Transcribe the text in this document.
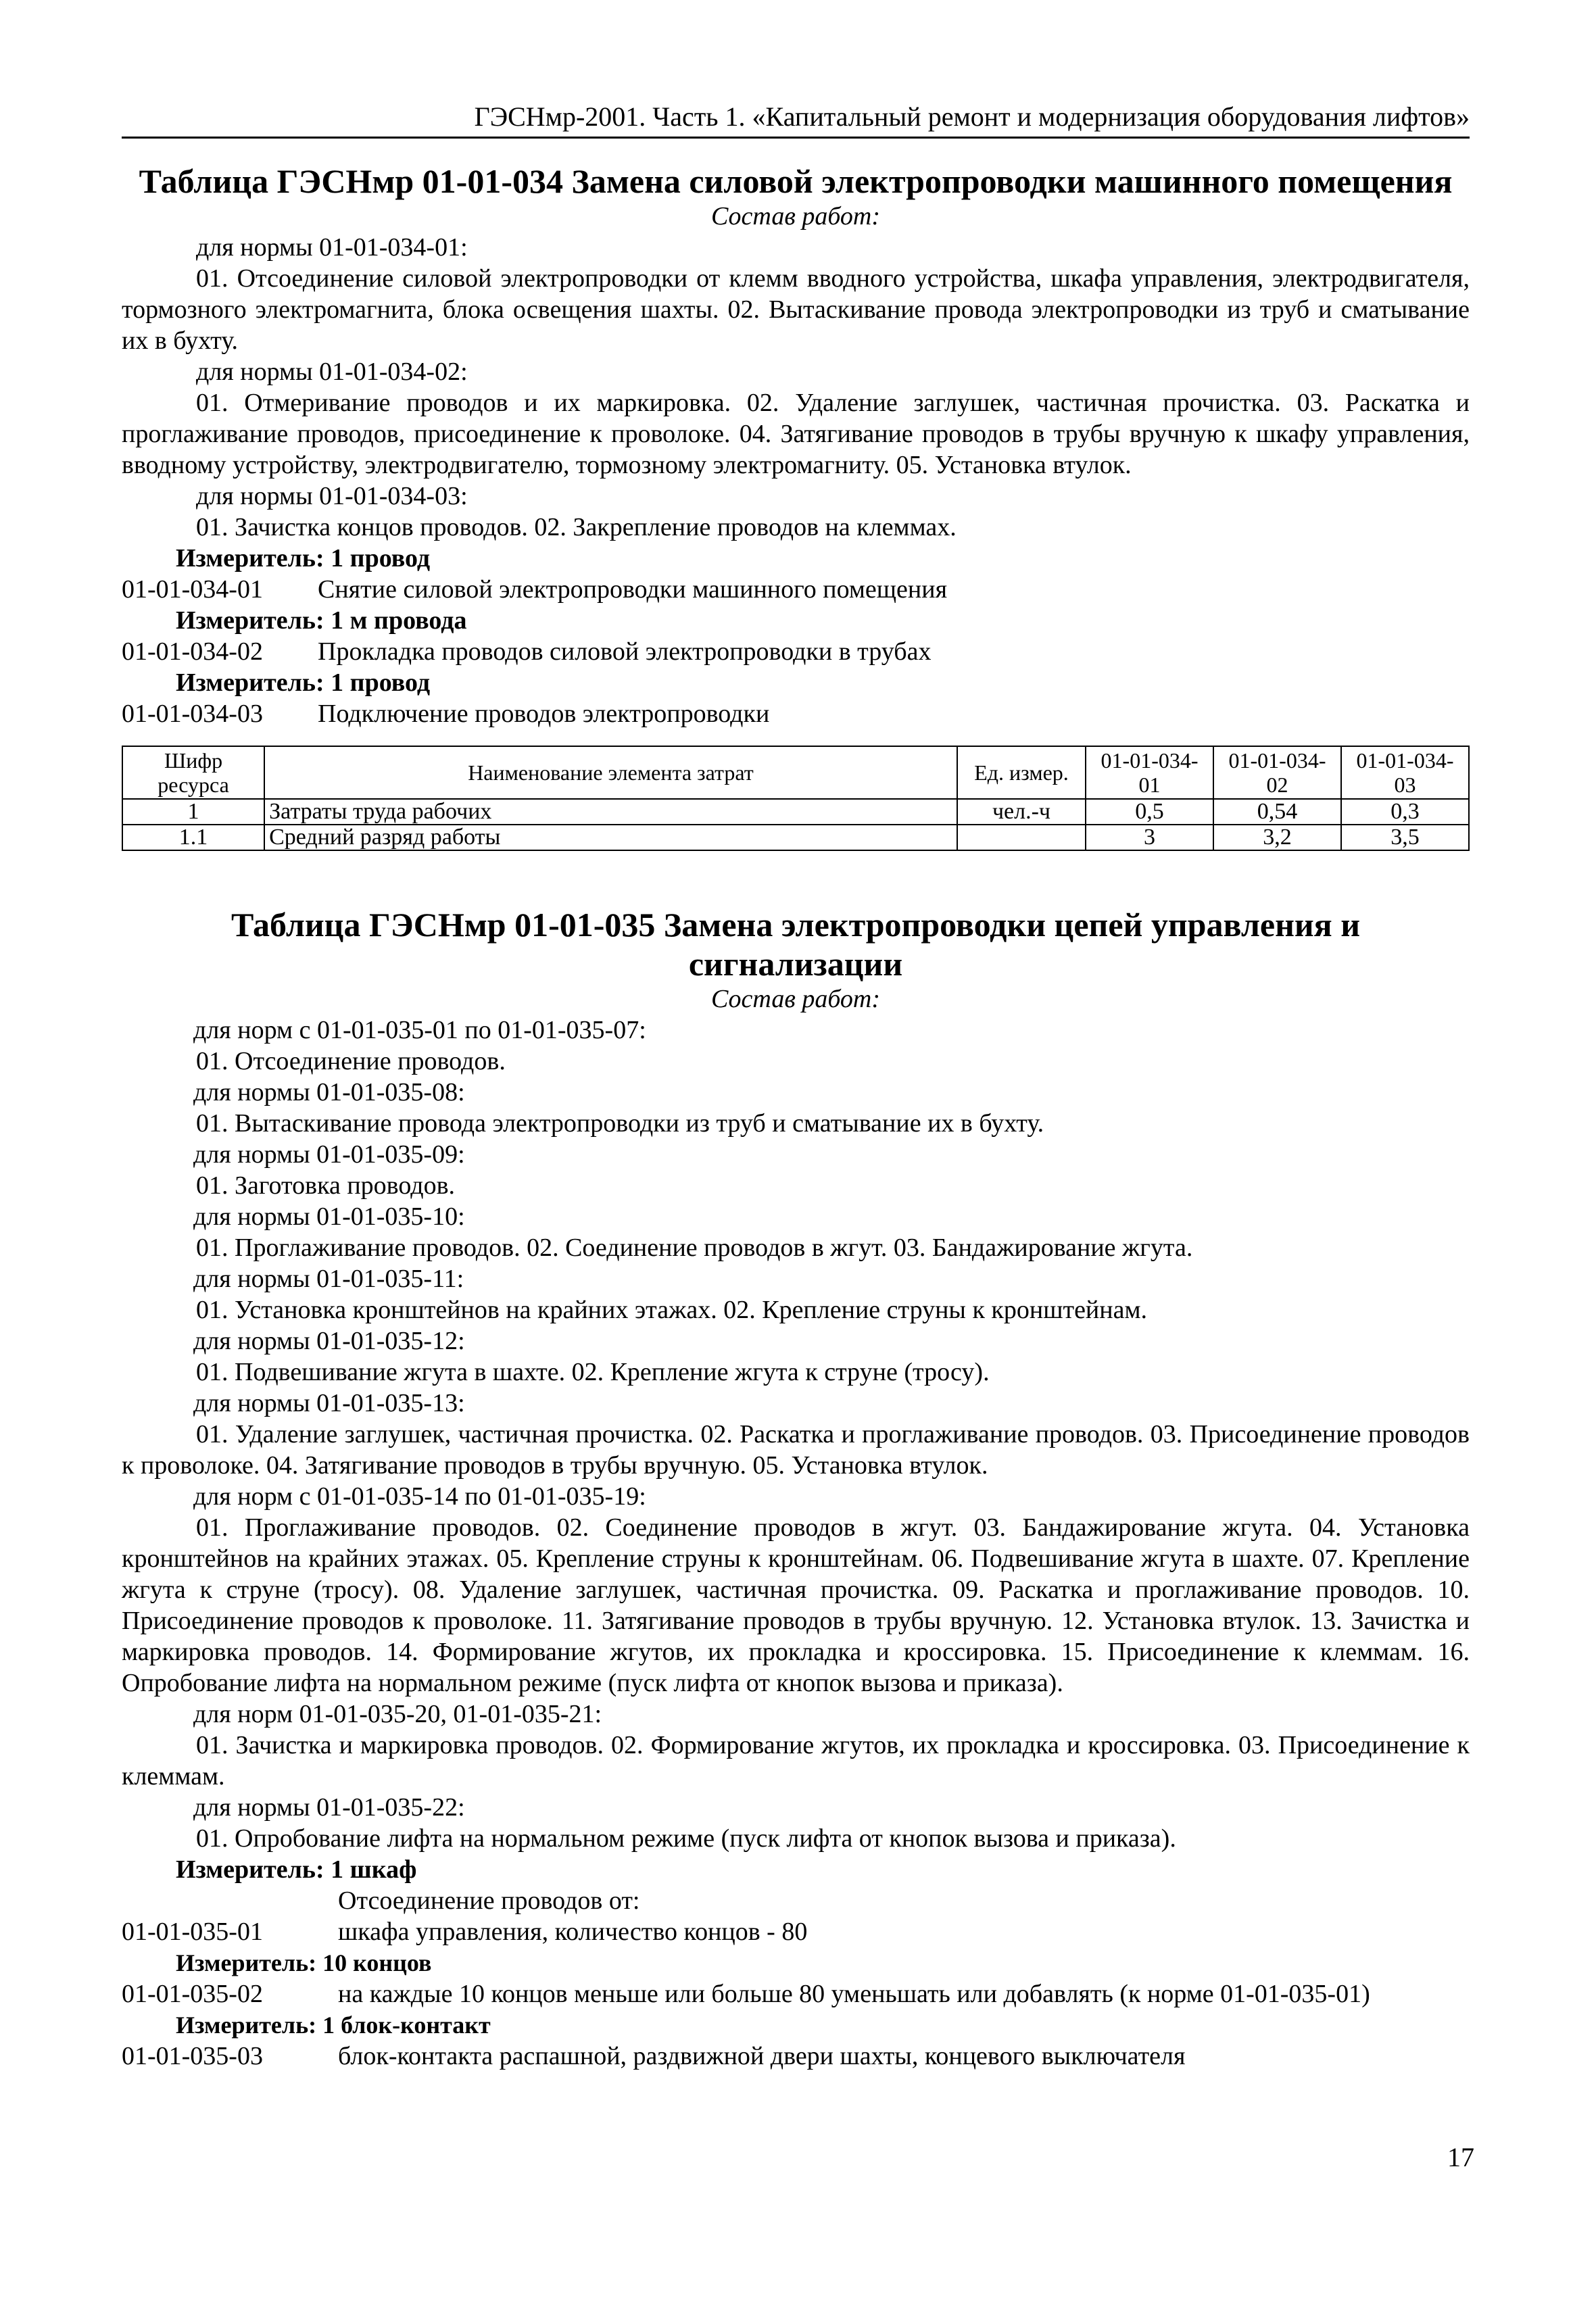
ГЭСНмр-2001. Часть 1. «Капитальный ремонт и модернизация оборудования лифтов»
Таблица ГЭСНмр 01-01-034 Замена силовой электропроводки машинного помещения
Состав работ:

для нормы 01-01-034-01:

01. Отсоединение силовой электропроводки от клемм вводного устройства, шкафа управления, электродвигателя, тормозного электромагнита, блока освещения шахты. 02. Вытаскивание провода электропроводки из труб и сматывание их в бухту.

для нормы 01-01-034-02:

01. Отмеривание проводов и их маркировка. 02. Удаление заглушек, частичная прочистка. 03. Раскатка и проглаживание проводов, присоединение к проволоке. 04. Затягивание проводов в трубы вручную к шкафу управления, вводному устройству, электродвигателю, тормозному электромагниту. 05. Установка втулок.

для нормы 01-01-034-03:

01. Зачистка концов проводов. 02. Закрепление проводов на клеммах.

Измеритель: 1 провод

01-01-034-01	Снятие силовой электропроводки машинного помещения

Измеритель: 1 м провода

01-01-034-02	Прокладка проводов силовой электропроводки в трубах

Измеритель: 1 провод

01-01-034-03	Подключение проводов электропроводки
Шифр ресурса	Наименование элемента затрат	Ед. измер.	01-01-034-01	01-01-034-02	01-01-034-03
1	Затраты труда рабочих	чел.-ч	0,5	0,54	0,3
1.1	Средний разряд работы		3	3,2	3,5
Таблица ГЭСНмр 01-01-035 Замена электропроводки цепей управления и сигнализации
Состав работ:

для норм с 01-01-035-01 по 01-01-035-07:

01. Отсоединение проводов.

для нормы 01-01-035-08:

01. Вытаскивание провода электропроводки из труб и сматывание их в бухту.

для нормы 01-01-035-09:

01. Заготовка проводов.

для нормы 01-01-035-10:

01. Проглаживание проводов. 02. Соединение проводов в жгут. 03. Бандажирование жгута.

для нормы 01-01-035-11:

01. Установка кронштейнов на крайних этажах. 02. Крепление струны к кронштейнам.

для нормы 01-01-035-12:

01. Подвешивание жгута в шахте. 02. Крепление жгута к струне (тросу).

для нормы 01-01-035-13:

01. Удаление заглушек, частичная прочистка. 02. Раскатка и проглаживание проводов. 03. Присоединение проводов к проволоке. 04. Затягивание проводов в трубы вручную. 05. Установка втулок.

для норм с 01-01-035-14 по 01-01-035-19:

01. Проглаживание проводов. 02. Соединение проводов в жгут. 03. Бандажирование жгута. 04. Установка кронштейнов на крайних этажах. 05. Крепление струны к кронштейнам. 06. Подвешивание жгута в шахте. 07. Крепление жгута к струне (тросу). 08. Удаление заглушек, частичная прочистка. 09. Раскатка и проглаживание проводов. 10. Присоединение проводов к проволоке. 11. Затягивание проводов в трубы вручную. 12. Установка втулок. 13. Зачистка и маркировка проводов. 14. Формирование жгутов, их прокладка и кроссировка. 15. Присоединение к клеммам. 16. Опробование лифта на нормальном режиме (пуск лифта от кнопок вызова и приказа).

для норм 01-01-035-20, 01-01-035-21:

01. Зачистка и маркировка проводов. 02. Формирование жгутов, их прокладка и кроссировка. 03. Присоединение к клеммам.

для нормы 01-01-035-22:

01. Опробование лифта на нормальном режиме (пуск лифта от кнопок вызова и приказа).

Измеритель: 1 шкаф

Отсоединение проводов от:

01-01-035-01	шкафа управления, количество концов - 80

Измеритель: 10 концов

01-01-035-02	на каждые 10 концов меньше или больше 80 уменьшать или добавлять (к норме 01-01-035-01)

Измеритель: 1 блок-контакт

01-01-035-03	блок-контакта распашной, раздвижной двери шахты, концевого выключателя
17
